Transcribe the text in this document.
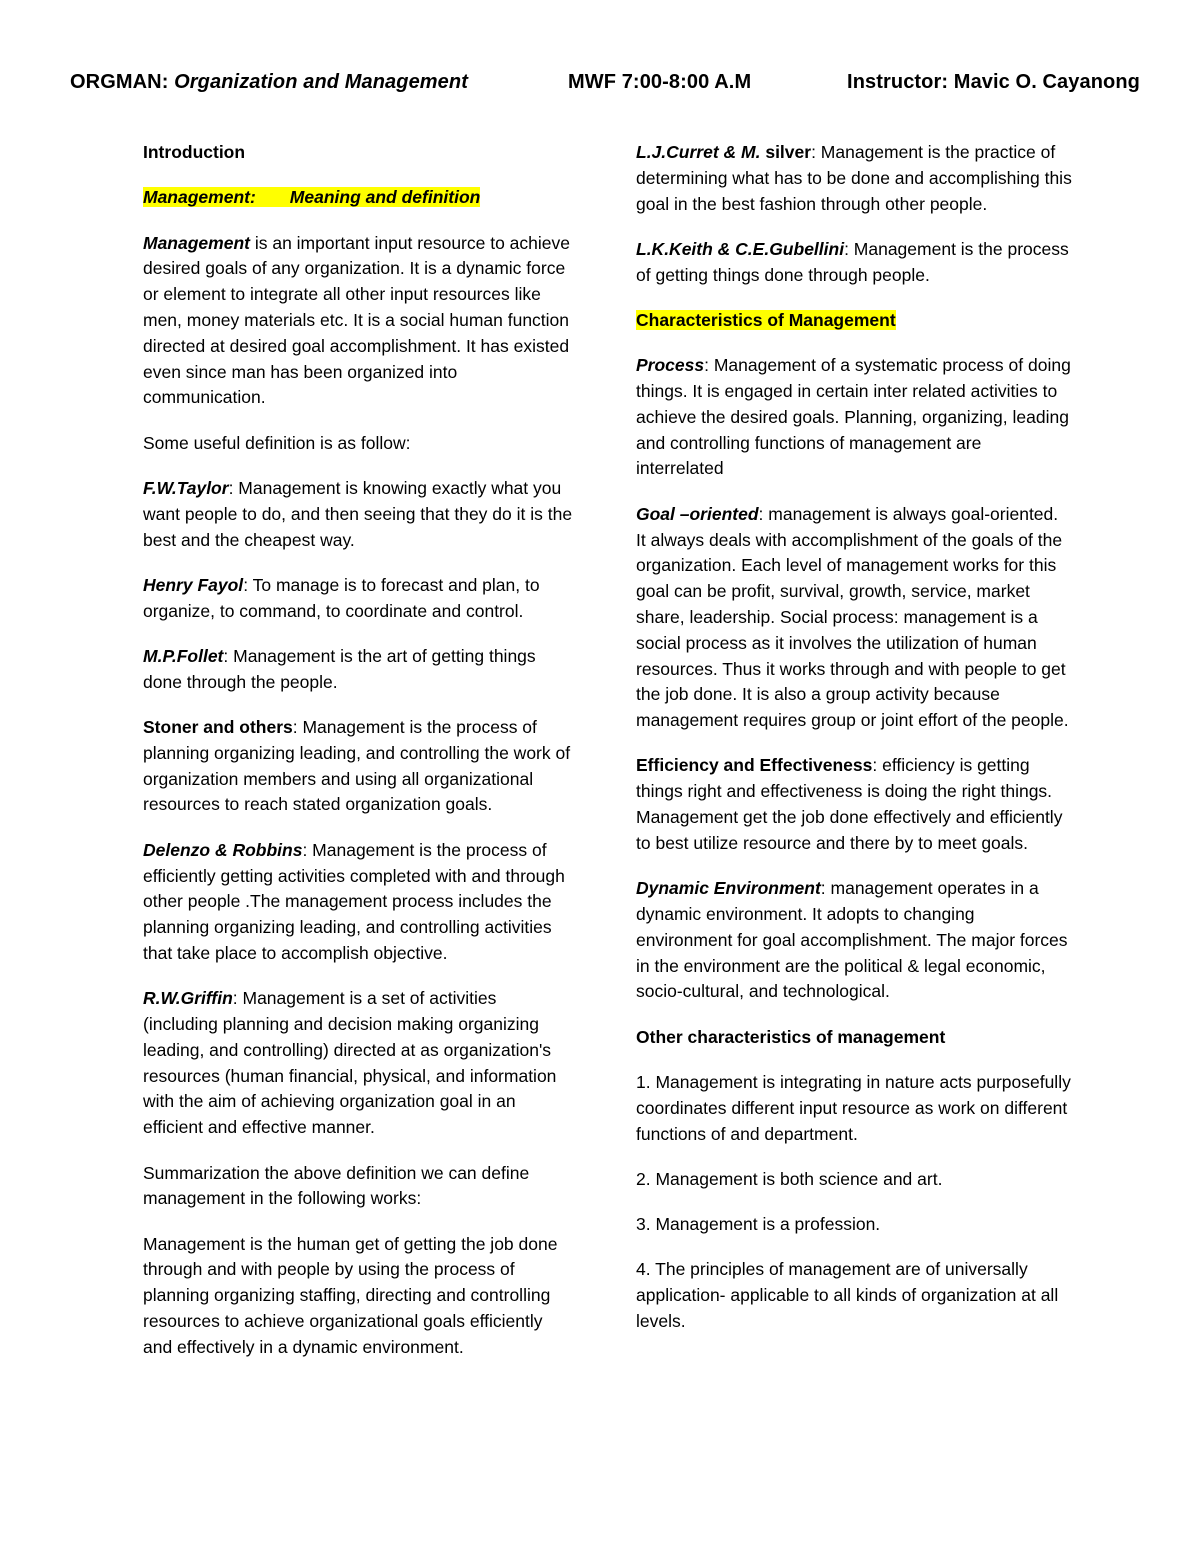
ORGMAN: Organization and Management	MWF 7:00-8:00 A.M	Instructor: Mavic O. Cayanong

Introduction

Management: Meaning and definition

Management is an important input resource to achieve desired goals of any organization. It is a dynamic force or element to integrate all other input resources like men, money materials etc. It is a social human function directed at desired goal accomplishment. It has existed even since man has been organized into communication.

Some useful definition is as follow:

F.W.Taylor: Management is knowing exactly what you want people to do, and then seeing that they do it is the best and the cheapest way.

Henry Fayol: To manage is to forecast and plan, to organize, to command, to coordinate and control.

M.P.Follet: Management is the art of getting things done through the people.

Stoner and others: Management is the process of planning organizing leading, and controlling the work of organization members and using all organizational resources to reach stated organization goals.

Delenzo & Robbins: Management is the process of efficiently getting activities completed with and through other people .The management process includes the planning organizing leading, and controlling activities that take place to accomplish objective.

R.W.Griffin: Management is a set of activities (including planning and decision making organizing leading, and controlling) directed at as organization's resources (human financial, physical, and information with the aim of achieving organization goal in an efficient and effective manner.

Summarization the above definition we can define management in the following works:

Management is the human get of getting the job done through and with people by using the process of planning organizing staffing, directing and controlling resources to achieve organizational goals efficiently and effectively in a dynamic environment.

L.J.Curret & M. silver: Management is the practice of determining what has to be done and accomplishing this goal in the best fashion through other people.

L.K.Keith & C.E.Gubellini: Management is the process of getting things done through people.

Characteristics of Management

Process: Management of a systematic process of doing things. It is engaged in certain inter related activities to achieve the desired goals. Planning, organizing, leading and controlling functions of management are interrelated

Goal –oriented: management is always goal-oriented. It always deals with accomplishment of the goals of the organization. Each level of management works for this goal can be profit, survival, growth, service, market share, leadership. Social process: management is a social process as it involves the utilization of human resources. Thus it works through and with people to get the job done. It is also a group activity because management requires group or joint effort of the people.

Efficiency and Effectiveness: efficiency is getting things right and effectiveness is doing the right things. Management get the job done effectively and efficiently to best utilize resource and there by to meet goals.

Dynamic Environment: management operates in a dynamic environment. It adopts to changing environment for goal accomplishment. The major forces in the environment are the political & legal economic, socio-cultural, and technological.

Other characteristics of management

1. Management is integrating in nature acts purposefully coordinates different input resource as work on different functions of and department.

2. Management is both science and art.

3. Management is a profession.

4. The principles of management are of universally application- applicable to all kinds of organization at all levels.
